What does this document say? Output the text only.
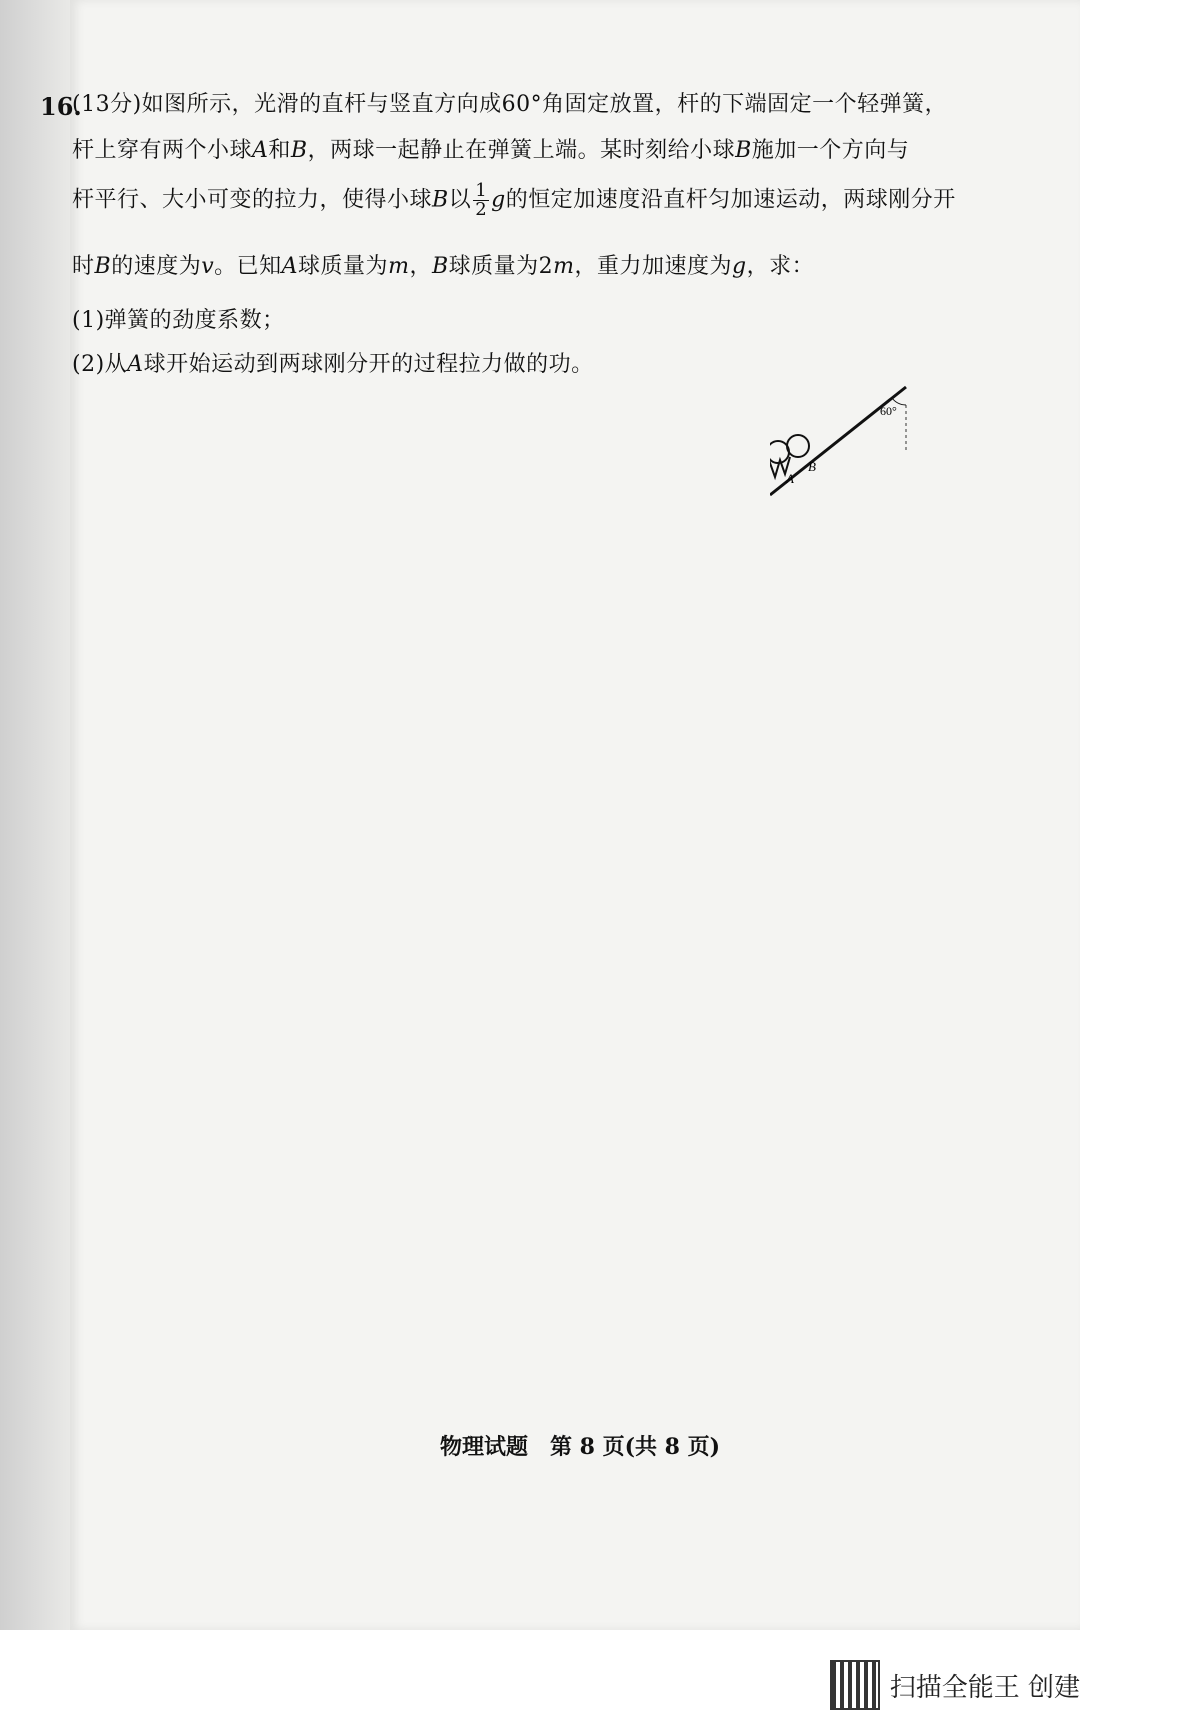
16.
(13分)如图所示，光滑的直杆与竖直方向成60°角固定放置，杆的下端固定一个轻弹簧，
杆上穿有两个小球A和B，两球一起静止在弹簧上端。某时刻给小球B施加一个方向与
杆平行、大小可变的拉力，使得小球B以 $\frac{1}{2}$ g的恒定加速度沿直杆匀加速运动，两球刚分开
时B的速度为v。已知A球质量为m，B球质量为2m，重力加速度为g，求：
(1)弹簧的劲度系数；
(2)从A球开始运动到两球刚分开的过程拉力做的功。
60°
A
B
物理试题　第 8 页(共 8 页)
扫描全能王 创建
